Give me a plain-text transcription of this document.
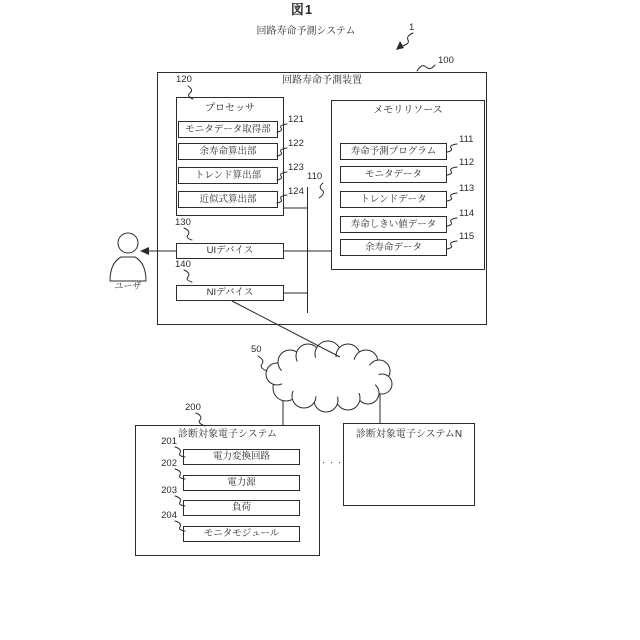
図1
回路寿命予測システム	1
回路寿命予測装置
100
プロセッサ
120
モニタデータ取得部
121
余寿命算出部
122
トレンド算出部
123
近似式算出部
124
110
メモリリソース
寿命予測プログラム
111
モニタデータ
112
トレンドデータ
113
寿命しきい値データ
114
余寿命データ
115
UIデバイス
130
NIデバイス
140
ユーザ
50
診断対象電子システム
200
電力変換回路
201
電力源
202
負荷
203
モニタモジュール
204
・・・
診断対象電子システムN
